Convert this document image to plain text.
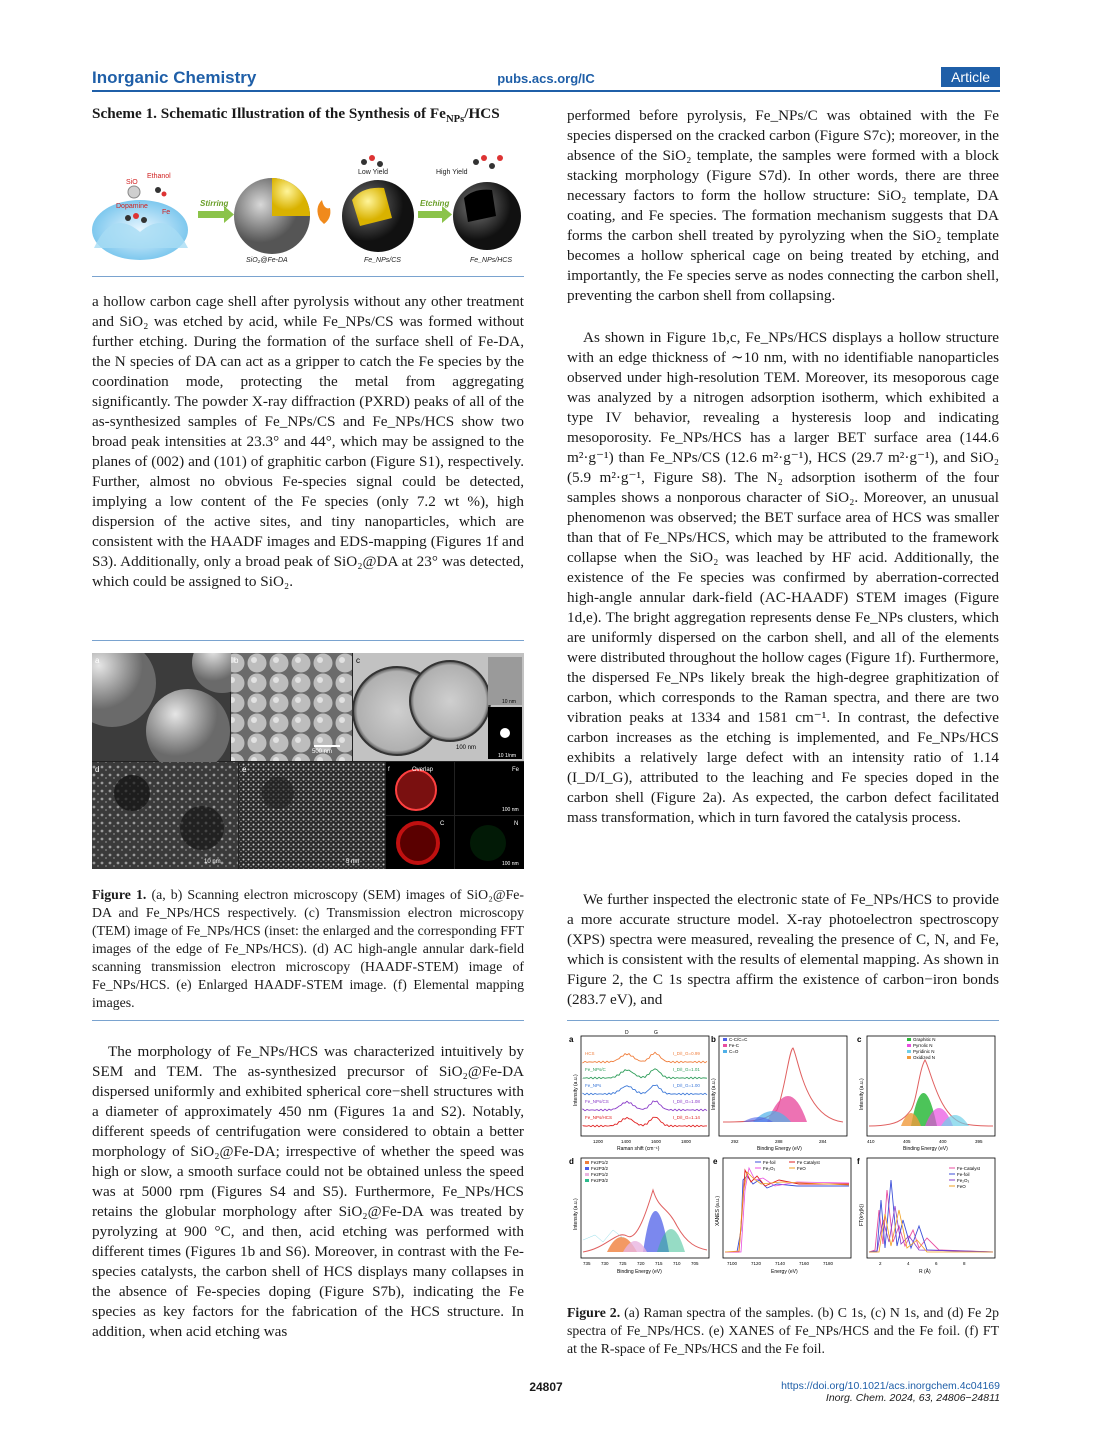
Inorganic Chemistry	pubs.acs.org/IC	Article
Scheme 1. Schematic Illustration of the Synthesis of $Fe_{NPs}$/HCS
SiO
Ethanol
Dopamine
Fe
Stirring
SiO₂@Fe-DA	Fe_NPs/CS
Low Yield
Etching
Fe_NPs/HCS
High Yield
a hollow carbon cage shell after pyrolysis without any other treatment and SiO₂ was etched by acid, while Fe_NPs/CS was formed without further etching. During the formation of the surface shell of Fe-DA, the N species of DA can act as a gripper to catch the Fe species by the coordination mode, protecting the metal from aggregating significantly. The powder X-ray diffraction (PXRD) peaks of all of the as-synthesized samples of Fe_NPs/CS and Fe_NPs/HCS show two broad peak intensities at 23.3° and 44°, which may be assigned to the planes of (002) and (101) of graphitic carbon (Figure S1), respectively. Further, almost no obvious Fe-species signal could be detected, implying a low content of the Fe species (only 7.2 wt %), high dispersion of the active sites, and tiny nanoparticles, which are consistent with the HAADF images and EDS-mapping (Figures 1f and S3). Additionally, only a broad peak of SiO₂@DA at 23° was detected, which could be assigned to SiO₂.
a	b
500 nm
c
100 nm
10 nm
10 1/nm
d
10 nm
e
5 nm
f	Overlap	Fe
C	N
100 nm
100 nm
Figure 1. (a, b) Scanning electron microscopy (SEM) images of SiO₂@Fe-DA and Fe_NPs/HCS respectively. (c) Transmission electron microscopy (TEM) image of Fe_NPs/HCS (inset: the enlarged and the corresponding FFT images of the edge of Fe_NPs/HCS). (d) AC high-angle annular dark-field scanning transmission electron microscopy (HAADF-STEM) image of Fe_NPs/HCS. (e) Enlarged HAADF-STEM image. (f) Elemental mapping images.
The morphology of Fe_NPs/HCS was characterized intuitively by SEM and TEM. The as-synthesized precursor of SiO₂@Fe-DA dispersed uniformly and exhibited spherical core−shell structures with a diameter of approximately 450 nm (Figures 1a and S2). Notably, different speeds of centrifugation were considered to obtain a better morphology of SiO₂@Fe-DA; irrespective of whether the speed was high or slow, a smooth surface could not be obtained unless the speed was at 5000 rpm (Figures S4 and S5). Furthermore, Fe_NPs/HCS retains the globular morphology after SiO₂@Fe-DA was treated by pyrolyzing at 900 °C, and then, acid etching was performed with different times (Figures 1b and S6). Moreover, in contrast with the Fe-species catalysts, the carbon shell of HCS displays many collapses in the absence of Fe-species doping (Figure S7b), indicating the Fe species as key factors for the fabrication of the HCS structure. In addition, when acid etching was
performed before pyrolysis, Fe_NPs/C was obtained with the Fe species dispersed on the cracked carbon (Figure S7c); moreover, in the absence of the SiO₂ template, the samples were formed with a block stacking morphology (Figure S7d). In other words, there are three necessary factors to form the hollow structure: SiO₂ template, DA coating, and Fe species. The formation mechanism suggests that DA forms the carbon shell treated by pyrolyzing when the SiO₂ template becomes a hollow spherical cage on being treated by etching, and importantly, the Fe species serve as nodes connecting the carbon shell, preventing the carbon shell from collapsing.
As shown in Figure 1b,c, Fe_NPs/HCS displays a hollow structure with an edge thickness of ∼10 nm, with no identifiable nanoparticles observed under high-resolution TEM. Moreover, its mesoporous cage was analyzed by a nitrogen adsorption isotherm, which exhibited a type IV behavior, revealing a hysteresis loop and indicating mesoporosity. Fe_NPs/HCS has a larger BET surface area (144.6 m²·g⁻¹) than Fe_NPs/CS (12.6 m²·g⁻¹), HCS (29.7 m²·g⁻¹), and SiO₂ (5.9 m²·g⁻¹, Figure S8). The N₂ adsorption isotherm of the four samples shows a nonporous character of SiO₂. Moreover, an unusual phenomenon was observed; the BET surface area of HCS was smaller than that of Fe_NPs/HCS, which may be attributed to the framework collapse when the SiO₂ was leached by HF acid. Additionally, the existence of the Fe species was confirmed by aberration-corrected high-angle annular dark-field (AC-HAADF) STEM images (Figure 1d,e). The bright aggregation represents dense Fe_NPs clusters, which are uniformly dispersed on the carbon shell, and all of the elements were distributed throughout the hollow cages (Figure 1f). Furthermore, the dispersed Fe_NPs likely break the high-degree graphitization of carbon, which corresponds to the Raman spectra, and there are two vibration peaks at 1334 and 1581 cm⁻¹. In contrast, the defective carbon increases as the etching is implemented, and Fe_NPs/HCS exhibits a relatively large defect with an intensity ratio of 1.14 (I_D/I_G), attributed to the leaching and Fe species doped in the carbon shell (Figure 2a). As expected, the carbon defect facilitated mass transformation, which in turn favored the catalysis process.
We further inspected the electronic state of Fe_NPs/HCS to provide a more accurate structure model. X-ray photoelectron spectroscopy (XPS) spectra were measured, revealing the presence of C, N, and Fe, which is consistent with the results of elemental mapping. As shown in Figure 2, the C 1s spectra affirm the existence of carbon−iron bonds (283.7 eV), and
a	b	c
d	e	f
D	G
HCS	I_D/I_G=0.99
Fe_NPs/C	I_D/I_G=1.01
Fe_NPs	I_D/I_G=1.00
Fe_NPs/CS	I_D/I_G=1.08
Fe_NPs/HCS	I_D/I_G=1.14
Intensity (a.u.)
Raman shift (cm⁻¹)
1200	1400	1600	1800
C-C/C=C
Fe-C
C=O
Intensity (a.u.)
Binding Energy (eV)
292	288	284
Graphitic N
Pyrrolic N
Pyridinic N
Oxidized N
Intensity (a.u.)
Binding Energy (eV)
410	405	400	395
Fe2P1/2
Fe2P3/2
Fe2P1/2
Fe2P3/2
Intensity (a.u.)
Binding Energy (eV)
735 730 725 720 715 710 705
Fe-foil	Fe Catalyst
Fe₂O₃	FeO
XANES (a.u.)
Energy (eV)
7100	7120	7140	7160	7180
Fe-Catalyst
Fe-foil
Fe₂O₃
FeO
FT(k³χ(k))
R (Å)
2	4	6	8
Figure 2. (a) Raman spectra of the samples. (b) C 1s, (c) N 1s, and (d) Fe 2p spectra of Fe_NPs/HCS. (e) XANES of Fe_NPs/HCS and the Fe foil. (f) FT at the R-space of Fe_NPs/HCS and the Fe foil.
24807	https://doi.org/10.1021/acs.inorgchem.4c04169
Inorg. Chem. 2024, 63, 24806−24811
